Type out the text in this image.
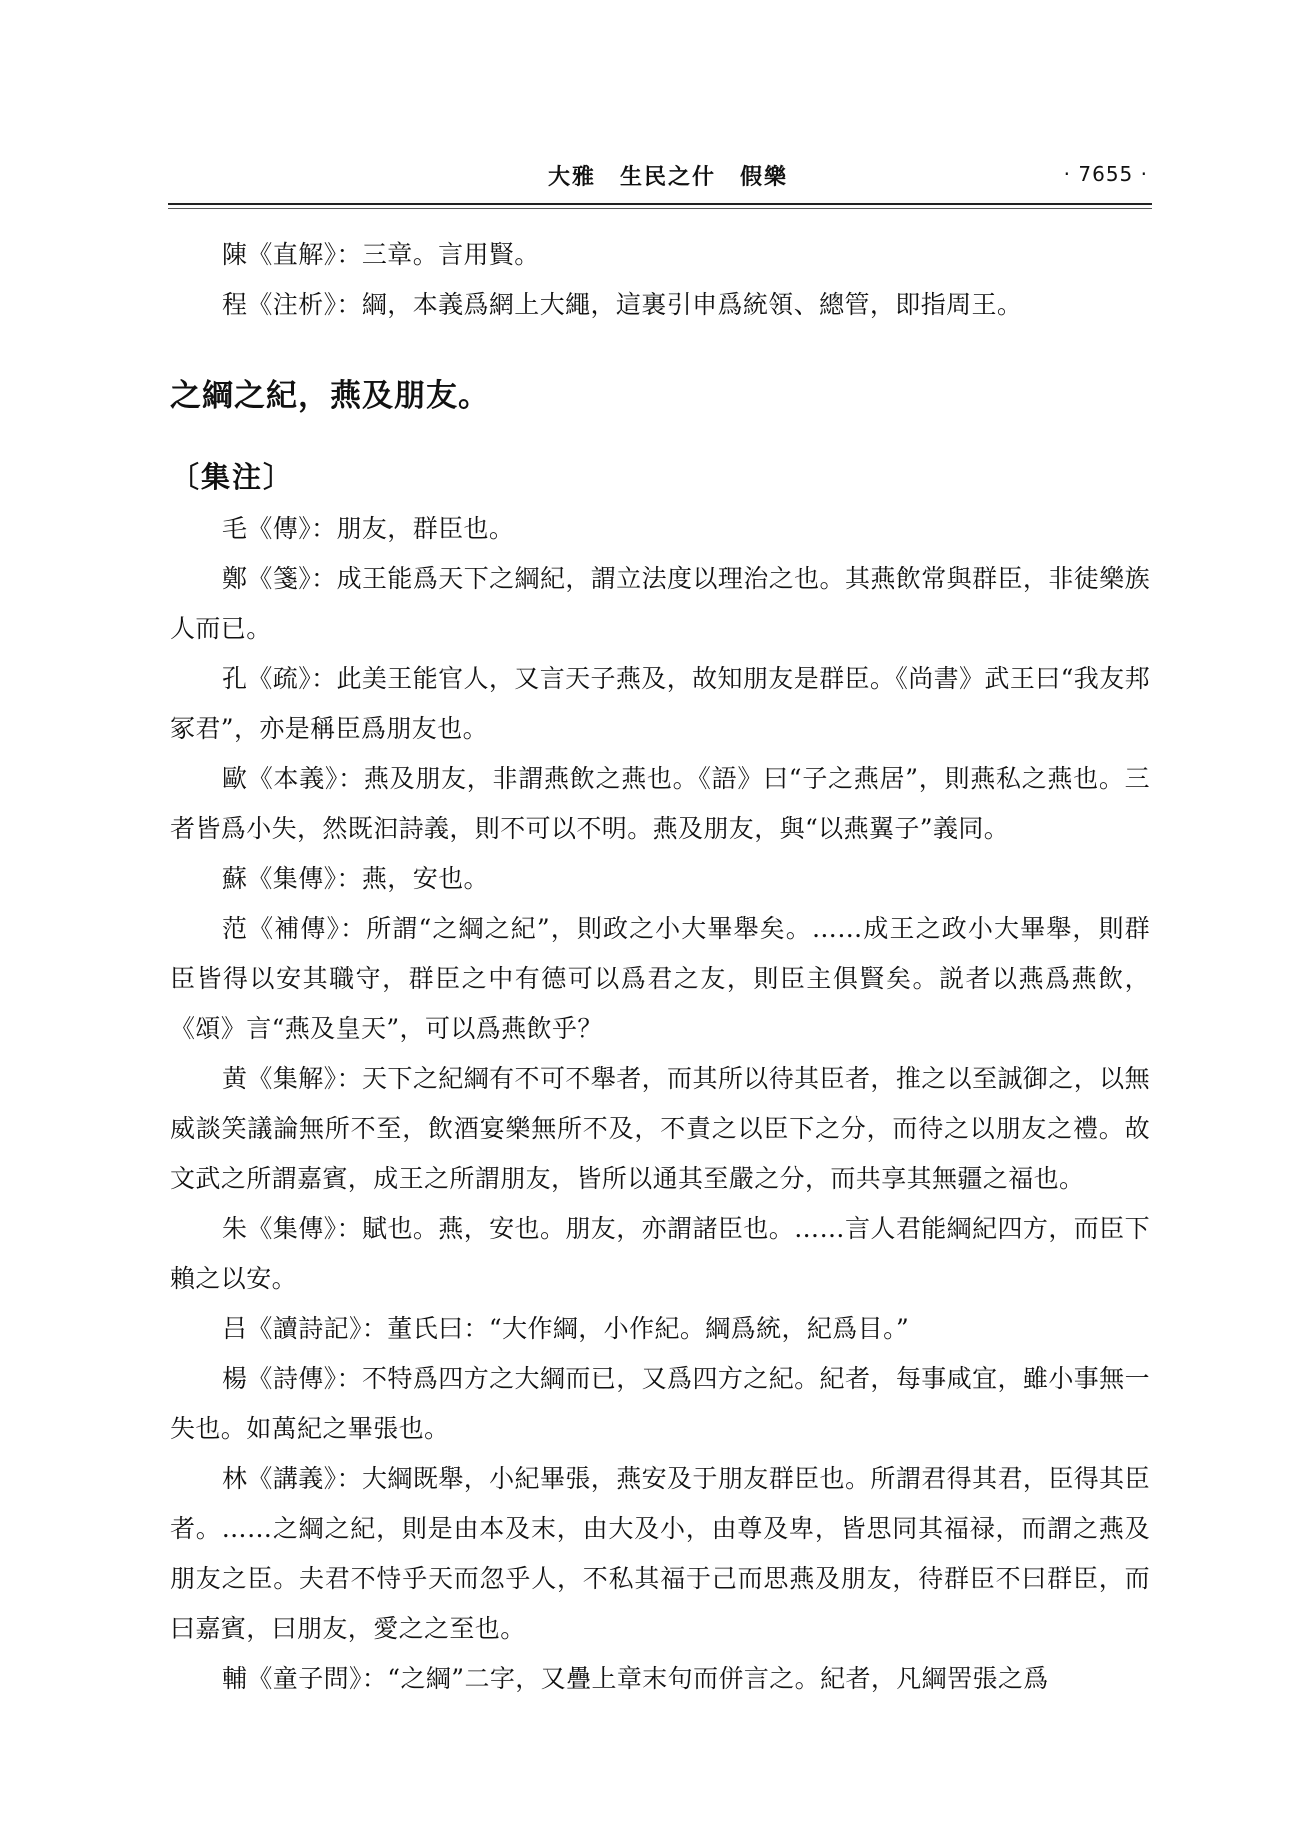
大雅　生民之什　假樂	· 7655 ·

陳《直解》：三章。言用賢。

程《注析》：綱，本義爲網上大繩，這裏引申爲統領、總管，即指周王。

之綱之紀，燕及朋友。
〔集注〕

毛《傳》：朋友，群臣也。

鄭《箋》：成王能爲天下之綱紀，謂立法度以理治之也。其燕飲常與群臣，非徒樂族人而已。

孔《疏》：此美王能官人，又言天子燕及，故知朋友是群臣。《尚書》武王曰“我友邦冢君”，亦是稱臣爲朋友也。

歐《本義》：燕及朋友，非謂燕飲之燕也。《語》曰“子之燕居”，則燕私之燕也。三者皆爲小失，然既汩詩義，則不可以不明。燕及朋友，與“以燕翼子”義同。

蘇《集傳》：燕，安也。

范《補傳》：所謂“之綱之紀”，則政之小大畢舉矣。……成王之政小大畢舉，則群臣皆得以安其職守，群臣之中有德可以爲君之友，則臣主俱賢矣。説者以燕爲燕飲，《頌》言“燕及皇天”，可以爲燕飲乎？

黄《集解》：天下之紀綱有不可不舉者，而其所以待其臣者，推之以至誠御之，以無威談笑議論無所不至，飲酒宴樂無所不及，不責之以臣下之分，而待之以朋友之禮。故文武之所謂嘉賓，成王之所謂朋友，皆所以通其至嚴之分，而共享其無疆之福也。

朱《集傳》：賦也。燕，安也。朋友，亦謂諸臣也。……言人君能綱紀四方，而臣下賴之以安。

吕《讀詩記》：董氏曰：“大作綱，小作紀。綱爲統，紀爲目。”

楊《詩傳》：不特爲四方之大綱而已，又爲四方之紀。紀者，每事咸宜，雖小事無一失也。如萬紀之畢張也。

林《講義》：大綱既舉，小紀畢張，燕安及于朋友群臣也。所謂君得其君，臣得其臣者。……之綱之紀，則是由本及末，由大及小，由尊及卑，皆思同其福禄，而謂之燕及朋友之臣。夫君不恃乎天而忽乎人，不私其福于己而思燕及朋友，待群臣不曰群臣，而曰嘉賓，曰朋友，愛之之至也。

輔《童子問》：“之綱”二字，又疊上章末句而併言之。紀者，凡綱罟張之爲
